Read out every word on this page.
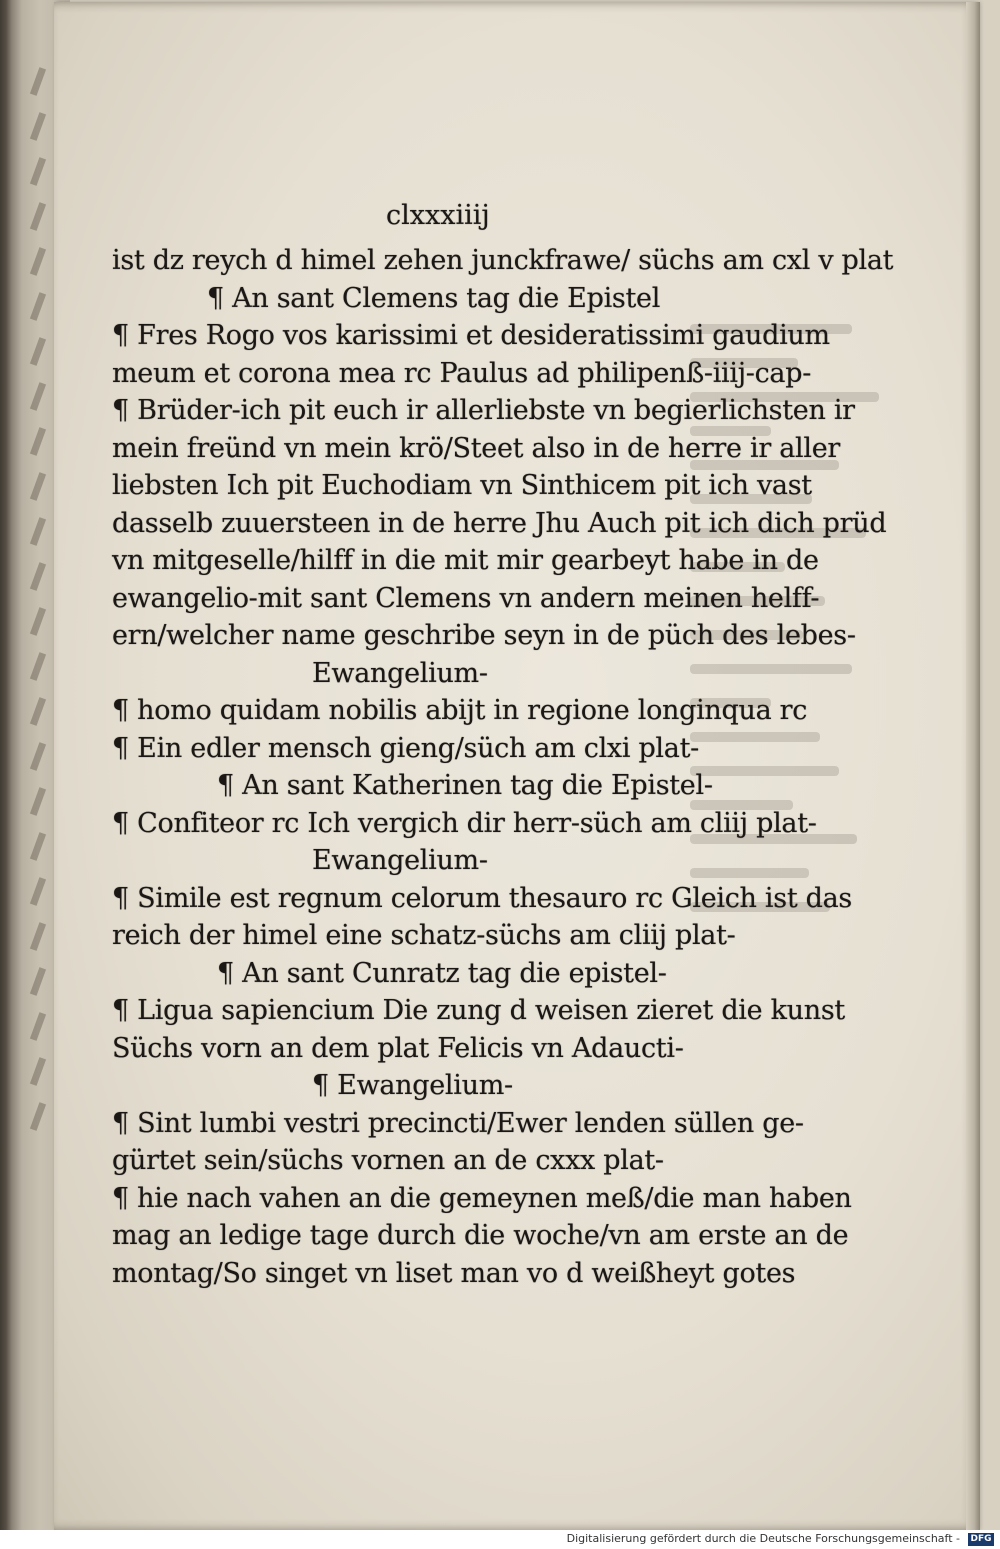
clxxxiiij
ist dz reych d himel zehen junckfrawe/ süchs am cxl v plat
¶ An sant Clemens tag die Epistel
¶ Fres Rogo vos karissimi et desideratissimi gaudium
meum et corona mea rc Paulus ad philipenß-iiij-cap-
¶ Brüder-ich pit euch ir allerliebste vn begierlichsten ir
mein freünd vn mein krö/Steet also in de herre ir aller
liebsten Ich pit Euchodiam vn Sinthicem pit ich vast
dasselb zuuersteen in de herre Jhu Auch pit ich dich prüd
vn mitgeselle/hilff in die mit mir gearbeyt habe in de
ewangelio-mit sant Clemens vn andern meinen helff-
ern/welcher name geschribe seyn in de püch des lebes-
Ewangelium-
¶ homo quidam nobilis abijt in regione longinqua rc
¶ Ein edler mensch gieng/süch am clxi plat-
¶ An sant Katherinen tag die Epistel-
¶ Confiteor rc Ich vergich dir herr-süch am cliij plat-
Ewangelium-
¶ Simile est regnum celorum thesauro rc Gleich ist das
reich der himel eine schatz-süchs am cliij plat-
¶ An sant Cunratz tag die epistel-
¶ Ligua sapiencium Die zung d weisen zieret die kunst
Süchs vorn an dem plat Felicis vn Adaucti-
¶ Ewangelium-
¶ Sint lumbi vestri precincti/Ewer lenden süllen ge-
gürtet sein/süchs vornen an de cxxx plat-
¶ hie nach vahen an die gemeynen meß/die man haben
mag an ledige tage durch die woche/vn am erste an de
montag/So singet vn liset man vo d weißheyt gotes
Digitalisierung gefördert durch die Deutsche Forschungsgemeinschaft - DFG
